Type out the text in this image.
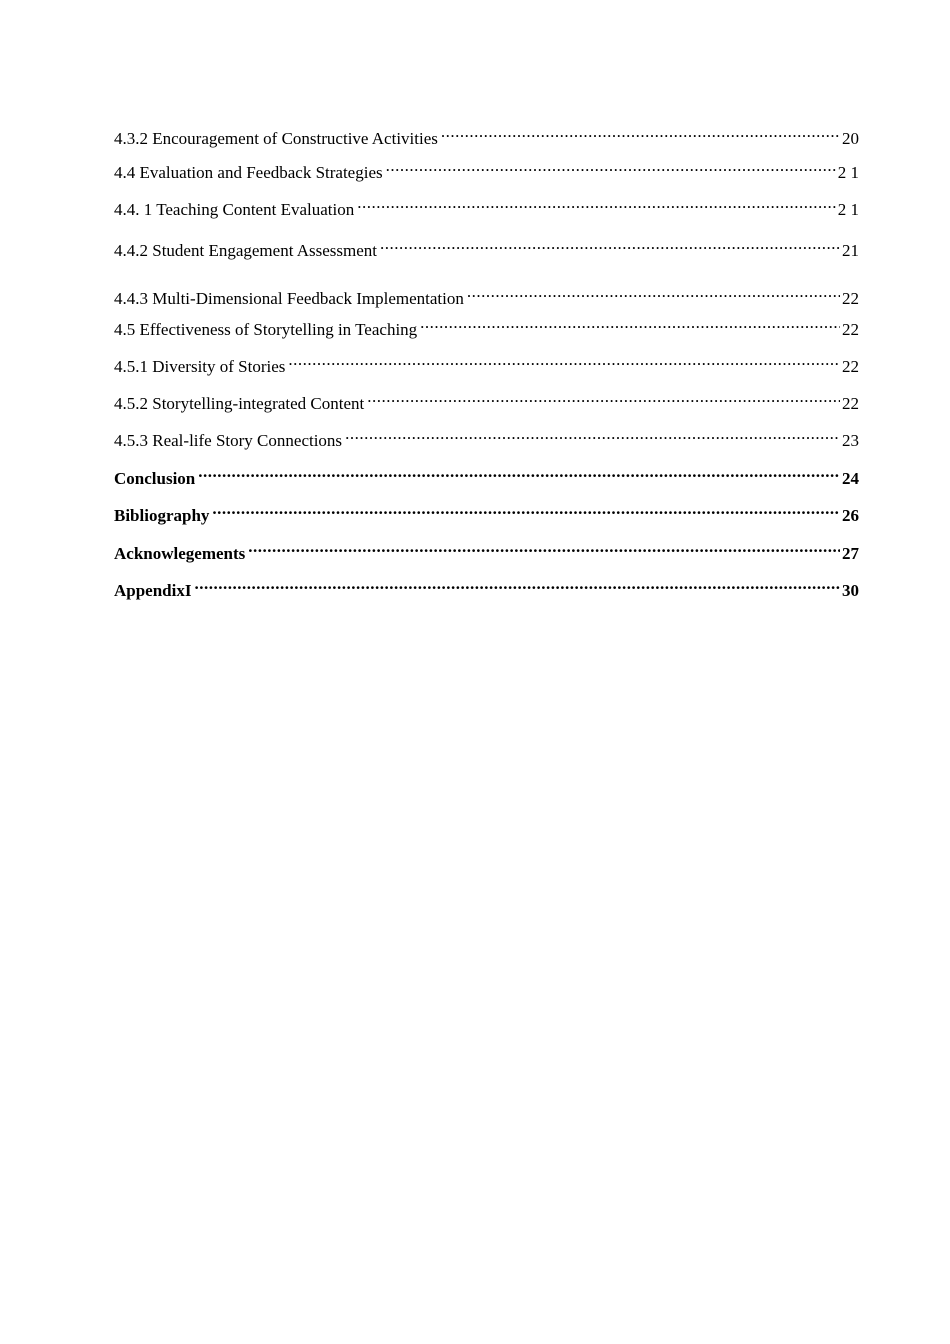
4.3.2 Encouragement of Constructive Activities .....	20
4.4 Evaluation and Feedback Strategies .....	2 1
4.4. 1 Teaching Content Evaluation .....	2 1
4.4.2 Student Engagement Assessment .....	21
4.4.3 Multi-Dimensional Feedback Implementation .....	22
4.5 Effectiveness of Storytelling in Teaching .....	22
4.5.1 Diversity of Stories .....	22
4.5.2 Storytelling-integrated Content .....	22
4.5.3 Real-life Story Connections .....	23
Conclusion .....	24
Bibliography .....	26
Acknowlegements .....	27
AppendixI .....	30
